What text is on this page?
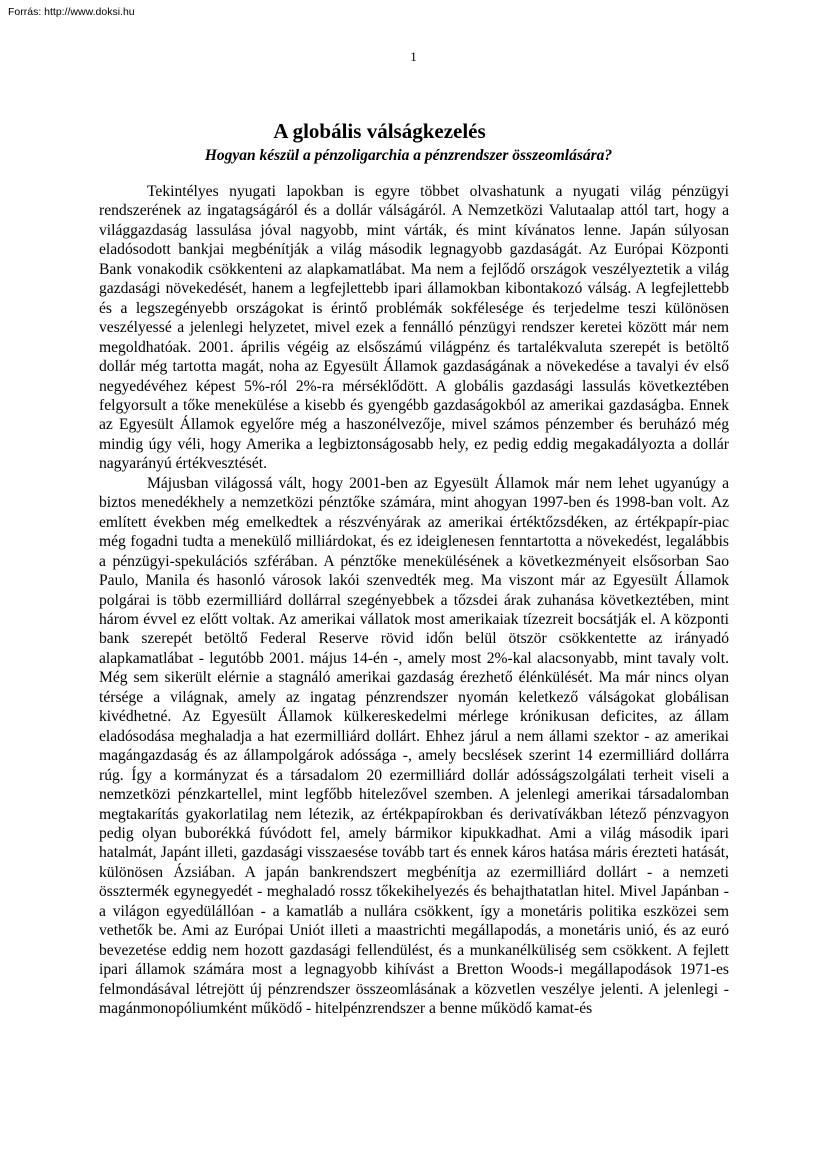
Forrás: http://www.doksi.hu
1
A globális válságkezelés
Hogyan készül a pénzoligarchia a pénzrendszer összeomlására?

Tekintélyes nyugati lapokban is egyre többet olvashatunk a nyugati világ pénzügyi rendszerének az ingatagságáról és a dollár válságáról. A Nemzetközi Valutaalap attól tart, hogy a világgazdaság lassulása jóval nagyobb, mint várták, és mint kívánatos lenne. Japán súlyosan eladósodott bankjai megbénítják a világ második legnagyobb gazdaságát. Az Európai Központi Bank vonakodik csökkenteni az alapkamatlábat. Ma nem a fejlődő országok veszélyeztetik a világ gazdasági növekedését, hanem a legfejlettebb ipari államokban kibontakozó válság. A legfejlettebb és a legszegényebb országokat is érintő problémák sokfélesége és terjedelme teszi különösen veszélyessé a jelenlegi helyzetet, mivel ezek a fennálló pénzügyi rendszer keretei között már nem megoldhatóak. 2001. április végéig az elsőszámú világpénz és tartalékvaluta szerepét is betöltő dollár még tartotta magát, noha az Egyesült Államok gazdaságának a növekedése a tavalyi év első negyedévéhez képest 5%-ról 2%-ra mérséklődött. A globális gazdasági lassulás következtében felgyorsult a tőke menekülése a kisebb és gyengébb gazdaságokból az amerikai gazdaságba. Ennek az Egyesült Államok egyelőre még a haszonélvezője, mivel számos pénzember és beruházó még mindig úgy véli, hogy Amerika a legbiztonságosabb hely, ez pedig eddig megakadályozta a dollár nagyarányú értékvesztését.

Májusban világossá vált, hogy 2001-ben az Egyesült Államok már nem lehet ugyanúgy a biztos menedékhely a nemzetközi pénztőke számára, mint ahogyan 1997-ben és 1998-ban volt. Az említett években még emelkedtek a részvényárak az amerikai értéktőzsdéken, az értékpapír-piac még fogadni tudta a menekülő milliárdokat, és ez ideiglenesen fenntartotta a növekedést, legalábbis a pénzügyi-spekulációs szférában. A pénztőke menekülésének a következményeit elsősorban Sao Paulo, Manila és hasonló városok lakói szenvedték meg. Ma viszont már az Egyesült Államok polgárai is több ezermilliárd dollárral szegényebbek a tőzsdei árak zuhanása következtében, mint három évvel ez előtt voltak. Az amerikai vállatok most amerikaiak tízezreit bocsátják el. A központi bank szerepét betöltő Federal Reserve rövid időn belül ötször csökkentette az irányadó alapkamatlábat - legutóbb 2001. május 14-én -, amely most 2%-kal alacsonyabb, mint tavaly volt. Még sem sikerült elérnie a stagnáló amerikai gazdaság érezhető élénkülését. Ma már nincs olyan térsége a világnak, amely az ingatag pénzrendszer nyomán keletkező válságokat globálisan kivédhetné. Az Egyesült Államok külkereskedelmi mérlege krónikusan deficites, az állam eladósodása meghaladja a hat ezermilliárd dollárt. Ehhez járul a nem állami szektor - az amerikai magángazdaság és az állampolgárok adóssága -, amely becslések szerint 14 ezermilliárd dollárra rúg. Így a kormányzat és a társadalom 20 ezermilliárd dollár adósságszolgálati terheit viseli a nemzetközi pénzkartellel, mint legfőbb hitelezővel szemben. A jelenlegi amerikai társadalomban megtakarítás gyakorlatilag nem létezik, az értékpapírokban és derivatívákban létező pénzvagyon pedig olyan buborékká fúvódott fel, amely bármikor kipukkadhat. Ami a világ második ipari hatalmát, Japánt illeti, gazdasági visszaesése tovább tart és ennek káros hatása máris érezteti hatását, különösen Ázsiában. A japán bankrendszert megbénítja az ezermilliárd dollárt - a nemzeti össztermék egynegyedét - meghaladó rossz tőkekihelyezés és behajthatatlan hitel. Mivel Japánban - a világon egyedülállóan - a kamatláb a nullára csökkent, így a monetáris politika eszközei sem vethetők be. Ami az Európai Uniót illeti a maastrichti megállapodás, a monetáris unió, és az euró bevezetése eddig nem hozott gazdasági fellendülést, és a munkanélküliség sem csökkent. A fejlett ipari államok számára most a legnagyobb kihívást a Bretton Woods-i megállapodások 1971-es felmondásával létrejött új pénzrendszer összeomlásának a közvetlen veszélye jelenti. A jelenlegi - magánmonopóliumként működő - hitelpénzrendszer a benne működő kamat-és
